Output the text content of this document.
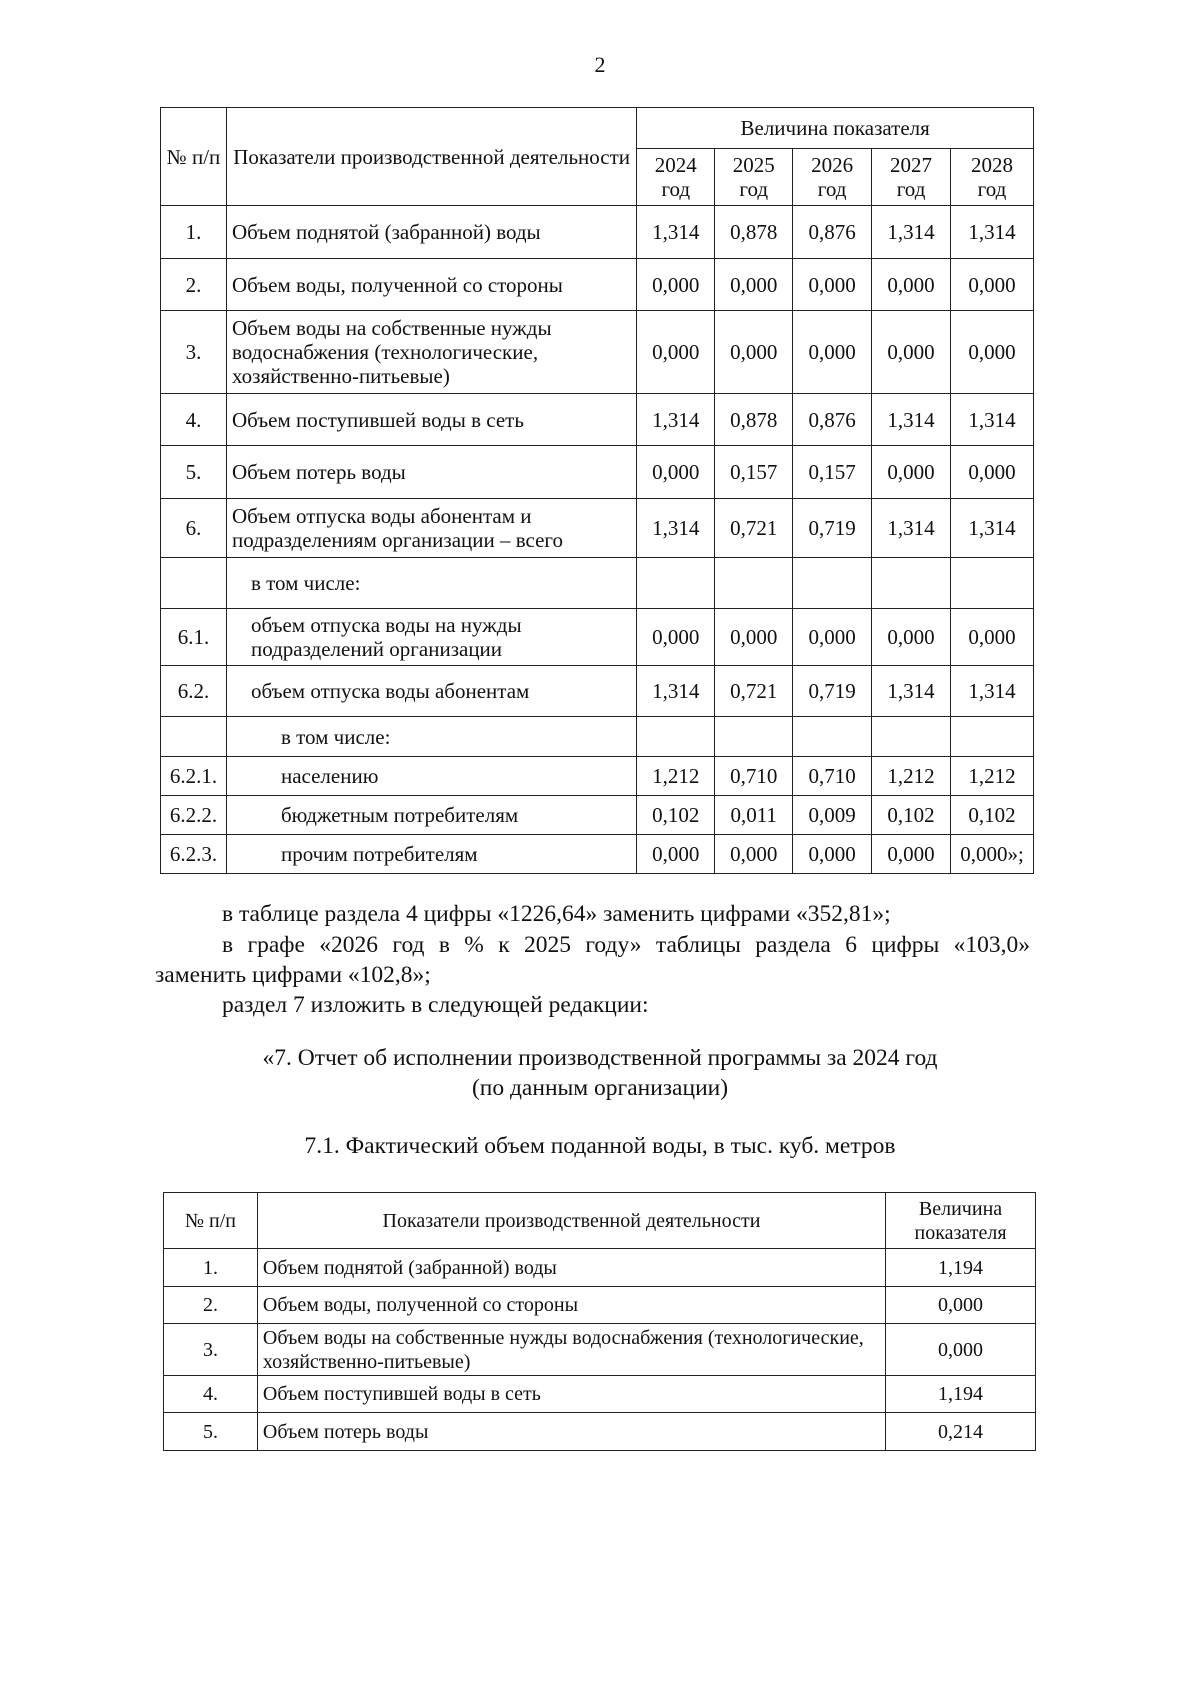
2
№ п/п	Показатели производственной деятельности	Величина показателя				
		2024 год	2025 год	2026 год	2027 год	2028 год
1.	Объем поднятой (забранной) воды	1,314	0,878	0,876	1,314	1,314
2.	Объем воды, полученной со стороны	0,000	0,000	0,000	0,000	0,000
3.	Объем воды на собственные нужды водоснабжения (технологические, хозяйственно-питьевые)	0,000	0,000	0,000	0,000	0,000
4.	Объем поступившей воды в сеть	1,314	0,878	0,876	1,314	1,314
5.	Объем потерь воды	0,000	0,157	0,157	0,000	0,000
6.	Объем отпуска воды абонентам и подразделениям организации – всего	1,314	0,721	0,719	1,314	1,314
	в том числе:					
6.1.	объем отпуска воды на нужды подразделений организации	0,000	0,000	0,000	0,000	0,000
6.2.	объем отпуска воды абонентам	1,314	0,721	0,719	1,314	1,314
	в том числе:					
6.2.1.	населению	1,212	0,710	0,710	1,212	1,212
6.2.2.	бюджетным потребителям	0,102	0,011	0,009	0,102	0,102
6.2.3.	прочим потребителям	0,000	0,000	0,000	0,000	0,000»;
в таблице раздела 4 цифры «1226,64» заменить цифрами «352,81»;
в графе «2026 год в % к 2025 году» таблицы раздела 6 цифры «103,0»
заменить цифрами «102,8»;
раздел 7 изложить в следующей редакции:
«7. Отчет об исполнении производственной программы за 2024 год
(по данным организации)
7.1. Фактический объем поданной воды, в тыс. куб. метров
№ п/п	Показатели производственной деятельности	Величина показателя
1.	Объем поднятой (забранной) воды	1,194
2.	Объем воды, полученной со стороны	0,000
3.	Объем воды на собственные нужды водоснабжения (технологические, хозяйственно-питьевые)	0,000
4.	Объем поступившей воды в сеть	1,194
5.	Объем потерь воды	0,214
